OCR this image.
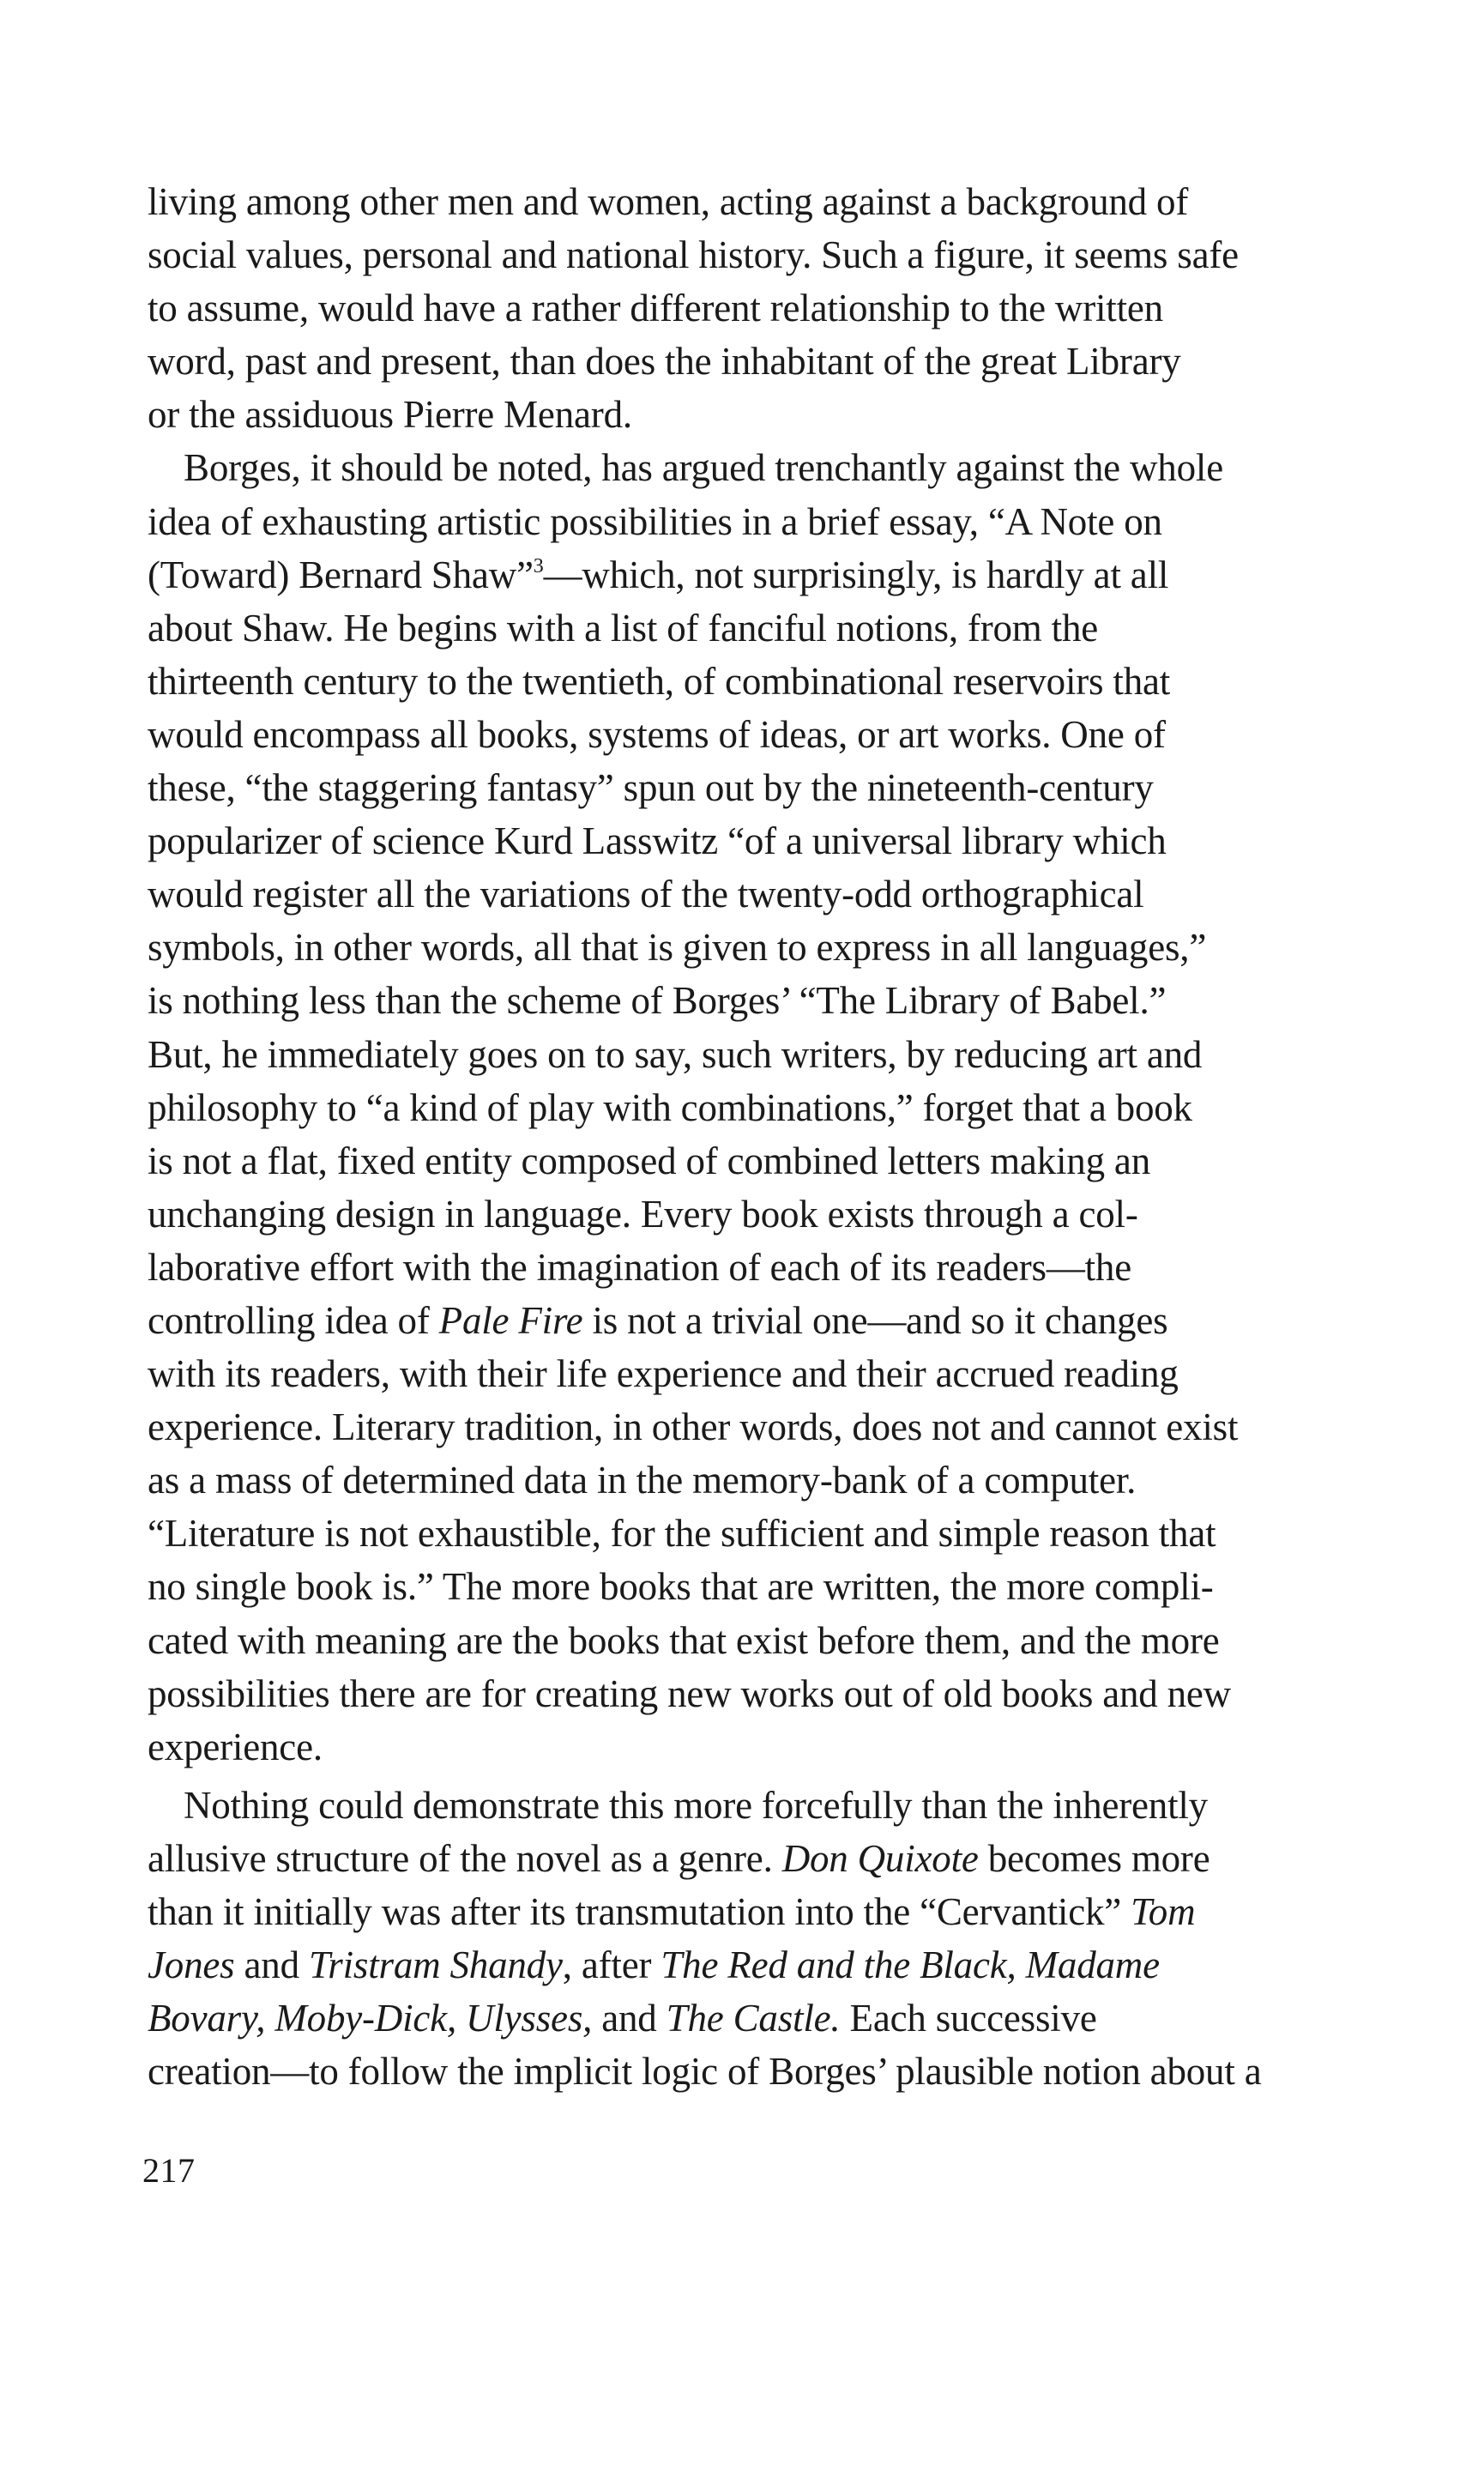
living among other men and women, acting against a background of
social values, personal and national history. Such a figure, it seems safe
to assume, would have a rather different relationship to the written
word, past and present, than does the inhabitant of the great Library
or the assiduous Pierre Menard.
Borges, it should be noted, has argued trenchantly against the whole
idea of exhausting artistic possibilities in a brief essay, “A Note on
(Toward) Bernard Shaw”$^3$—which, not surprisingly, is hardly at all
about Shaw. He begins with a list of fanciful notions, from the
thirteenth century to the twentieth, of combinational reservoirs that
would encompass all books, systems of ideas, or art works. One of
these, “the staggering fantasy” spun out by the nineteenth-century
popularizer of science Kurd Lasswitz “of a universal library which
would register all the variations of the twenty-odd orthographical
symbols, in other words, all that is given to express in all languages,”
is nothing less than the scheme of Borges’ “The Library of Babel.”
But, he immediately goes on to say, such writers, by reducing art and
philosophy to “a kind of play with combinations,” forget that a book
is not a flat, fixed entity composed of combined letters making an
unchanging design in language. Every book exists through a col-
laborative effort with the imagination of each of its readers—the
controlling idea of Pale Fire is not a trivial one—and so it changes
with its readers, with their life experience and their accrued reading
experience. Literary tradition, in other words, does not and cannot exist
as a mass of determined data in the memory-bank of a computer.
“Literature is not exhaustible, for the sufficient and simple reason that
no single book is.” The more books that are written, the more compli-
cated with meaning are the books that exist before them, and the more
possibilities there are for creating new works out of old books and new
experience.
Nothing could demonstrate this more forcefully than the inherently
allusive structure of the novel as a genre. Don Quixote becomes more
than it initially was after its transmutation into the “Cervantick” Tom
Jones and Tristram Shandy, after The Red and the Black, Madame
Bovary, Moby-Dick, Ulysses, and The Castle. Each successive
creation—to follow the implicit logic of Borges’ plausible notion about a
217
